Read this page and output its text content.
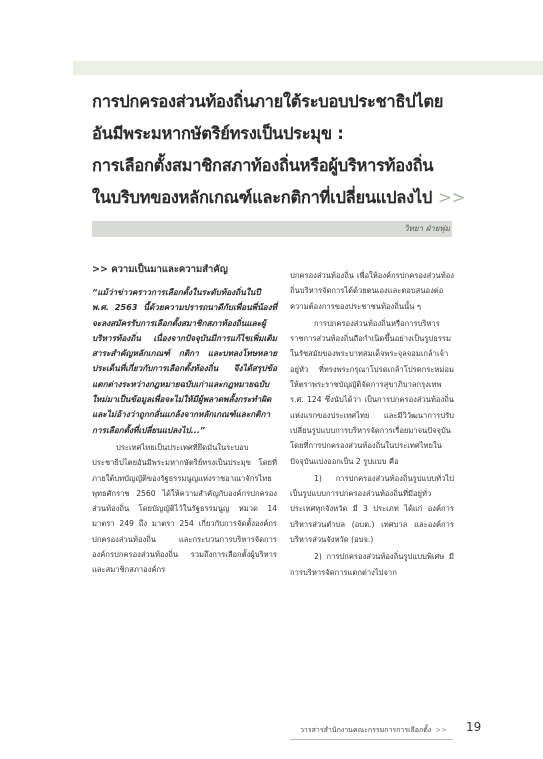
การปกครองส่วนท้องถิ่นภายใต้ระบอบประชาธิปไตย
อันมีพระมหากษัตริย์ทรงเป็นประมุข :
การเลือกตั้งสมาชิกสภาท้องถิ่นหรือผู้บริหารท้องถิ่น
ในบริบทของหลักเกณฑ์และกติกาที่เปลี่ยนแปลงไป >>
วิทยา ฝ่ายพุ่ม
>> ความเป็นมาและความสำคัญ

“แม้ว่าข่าวคราวการเลือกตั้งในระดับท้องถิ่นในปี พ.ศ. 2563 นี้ด้วยความปรารถนาดีกับเพื่อนพี่น้องที่จะลงสมัครรับการเลือกตั้งสมาชิกสภาท้องถิ่นและผู้บริหารท้องถิ่น เนื่องจากปัจจุบันมีการแก้ไขเพิ่มเติมสาระสำคัญหลักเกณฑ์ กติกา และบทลงโทษหลายประเด็นที่เกี่ยวกับการเลือกตั้งท้องถิ่น จึงได้สรุปข้อแตกต่างระหว่างกฎหมายฉบับเก่าและกฎหมายฉบับใหม่มาเป็นข้อมูลเพื่อจะไม่ให้มีผู้พลาดพลั้งกระทำผิดและไม่อ้างว่าถูกกลั่นแกล้งจากหลักเกณฑ์และกติกาการเลือกตั้งที่เปลี่ยนแปลงไป...”

ประเทศไทยเป็นประเทศที่ยึดมั่นในระบอบประชาธิปไตยอันมีพระมหากษัตริย์ทรงเป็นประมุข โดยที่ภายใต้บทบัญญัติของรัฐธรรมนูญแห่งราชอาณาจักรไทย พุทธศักราช 2560 ได้ให้ความสำคัญกับองค์กรปกครองส่วนท้องถิ่น โดยบัญญัติไว้ในรัฐธรรมนูญ หมวด 14 มาตรา 249 ถึง มาตรา 254 เกี่ยวกับการจัดตั้งองค์กรปกครองส่วนท้องถิ่น และกระบวนการบริหารจัดการองค์กรปกครองส่วนท้องถิ่น รวมถึงการเลือกตั้งผู้บริหารและสมาชิกสภาองค์กร

ปกครองส่วนท้องถิ่น เพื่อให้องค์กรปกครองส่วนท้องถิ่นบริหารจัดการได้ด้วยตนเองและตอบสนองต่อความต้องการของประชาชนท้องถิ่นนั้น ๆ

การปกครองส่วนท้องถิ่นหรือการบริหารราชการส่วนท้องถิ่นถือกำเนิดขึ้นอย่างเป็นรูปธรรมในรัชสมัยของพระบาทสมเด็จพระจุลจอมเกล้าเจ้าอยู่หัว ที่ทรงพระกรุณาโปรดเกล้าโปรดกระหม่อมให้ตราพระราชบัญญัติจัดการสุขาภิบาลกรุงเทพ ร.ศ. 124 ซึ่งนับได้ว่า เป็นการปกครองส่วนท้องถิ่นแห่งแรกของประเทศไทย และมีวิวัฒนาการปรับเปลี่ยนรูปแบบการบริหารจัดการเรื่อยมาจนปัจจุบัน โดยที่การปกครองส่วนท้องถิ่นในประเทศไทยในปัจจุบันแบ่งออกเป็น 2 รูปแบบ คือ

1) การปกครองส่วนท้องถิ่นรูปแบบทั่วไป เป็นรูปแบบการปกครองส่วนท้องถิ่นที่มีอยู่ทั่วประเทศทุกจังหวัด มี 3 ประเภท ได้แก่ องค์การบริหารส่วนตำบล (อบต.) เทศบาล และองค์การบริหารส่วนจังหวัด (อบจ.)

2) การปกครองส่วนท้องถิ่นรูปแบบพิเศษ มีการบริหารจัดการแตกต่างไปจาก

วารสารสำนักงานคณะกรรมการการเลือกตั้ง >> 19
